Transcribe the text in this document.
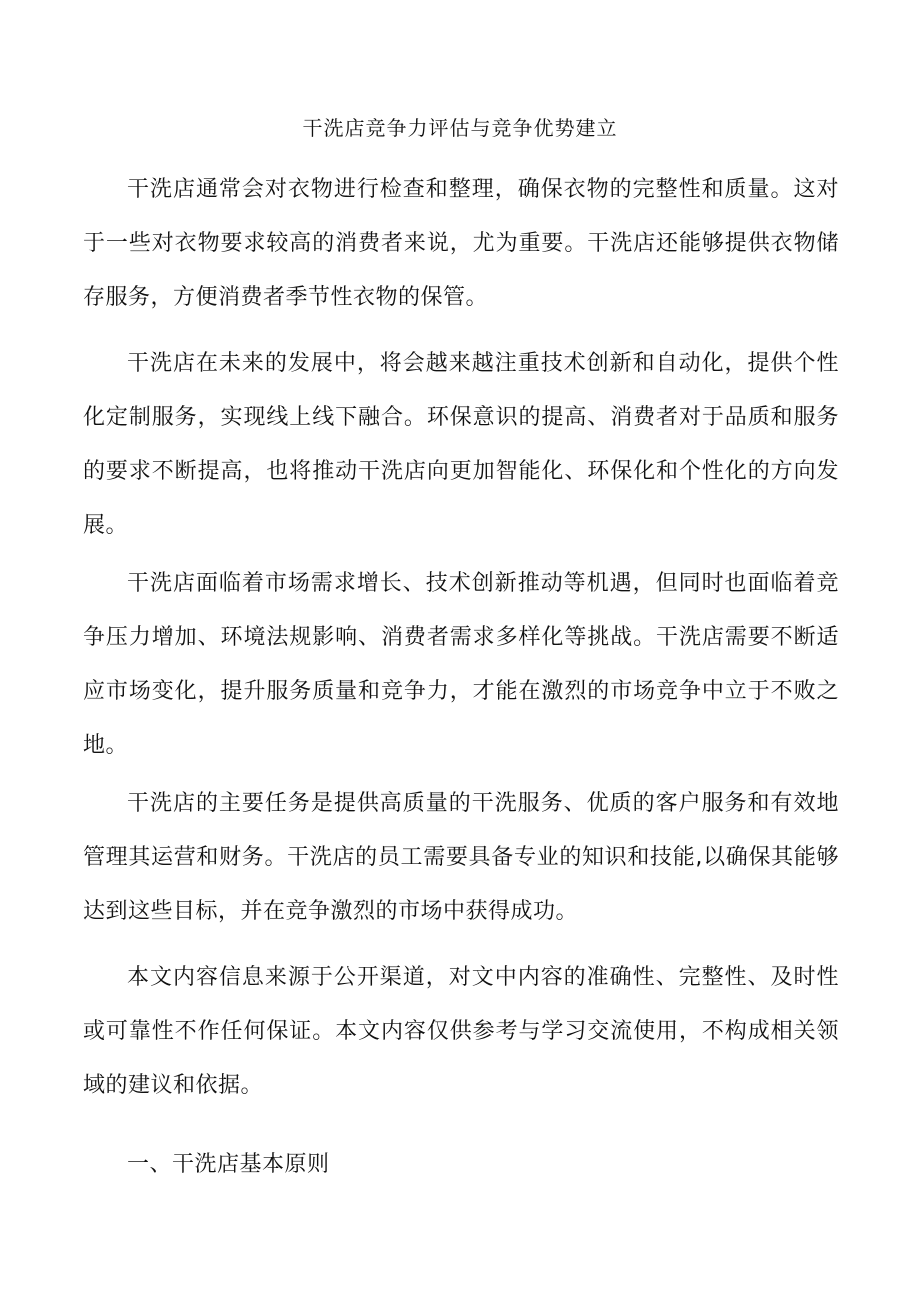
干洗店竞争力评估与竞争优势建立

干洗店通常会对衣物进行检查和整理，确保衣物的完整性和质量。这对于一些对衣物要求较高的消费者来说，尤为重要。干洗店还能够提供衣物储存服务，方便消费者季节性衣物的保管。

干洗店在未来的发展中，将会越来越注重技术创新和自动化，提供个性化定制服务，实现线上线下融合。环保意识的提高、消费者对于品质和服务的要求不断提高，也将推动干洗店向更加智能化、环保化和个性化的方向发展。

干洗店面临着市场需求增长、技术创新推动等机遇，但同时也面临着竞争压力增加、环境法规影响、消费者需求多样化等挑战。干洗店需要不断适应市场变化，提升服务质量和竞争力，才能在激烈的市场竞争中立于不败之地。

干洗店的主要任务是提供高质量的干洗服务、优质的客户服务和有效地管理其运营和财务。干洗店的员工需要具备专业的知识和技能,以确保其能够达到这些目标，并在竞争激烈的市场中获得成功。

本文内容信息来源于公开渠道，对文中内容的准确性、完整性、及时性或可靠性不作任何保证。本文内容仅供参考与学习交流使用，不构成相关领域的建议和依据。

一、干洗店基本原则
